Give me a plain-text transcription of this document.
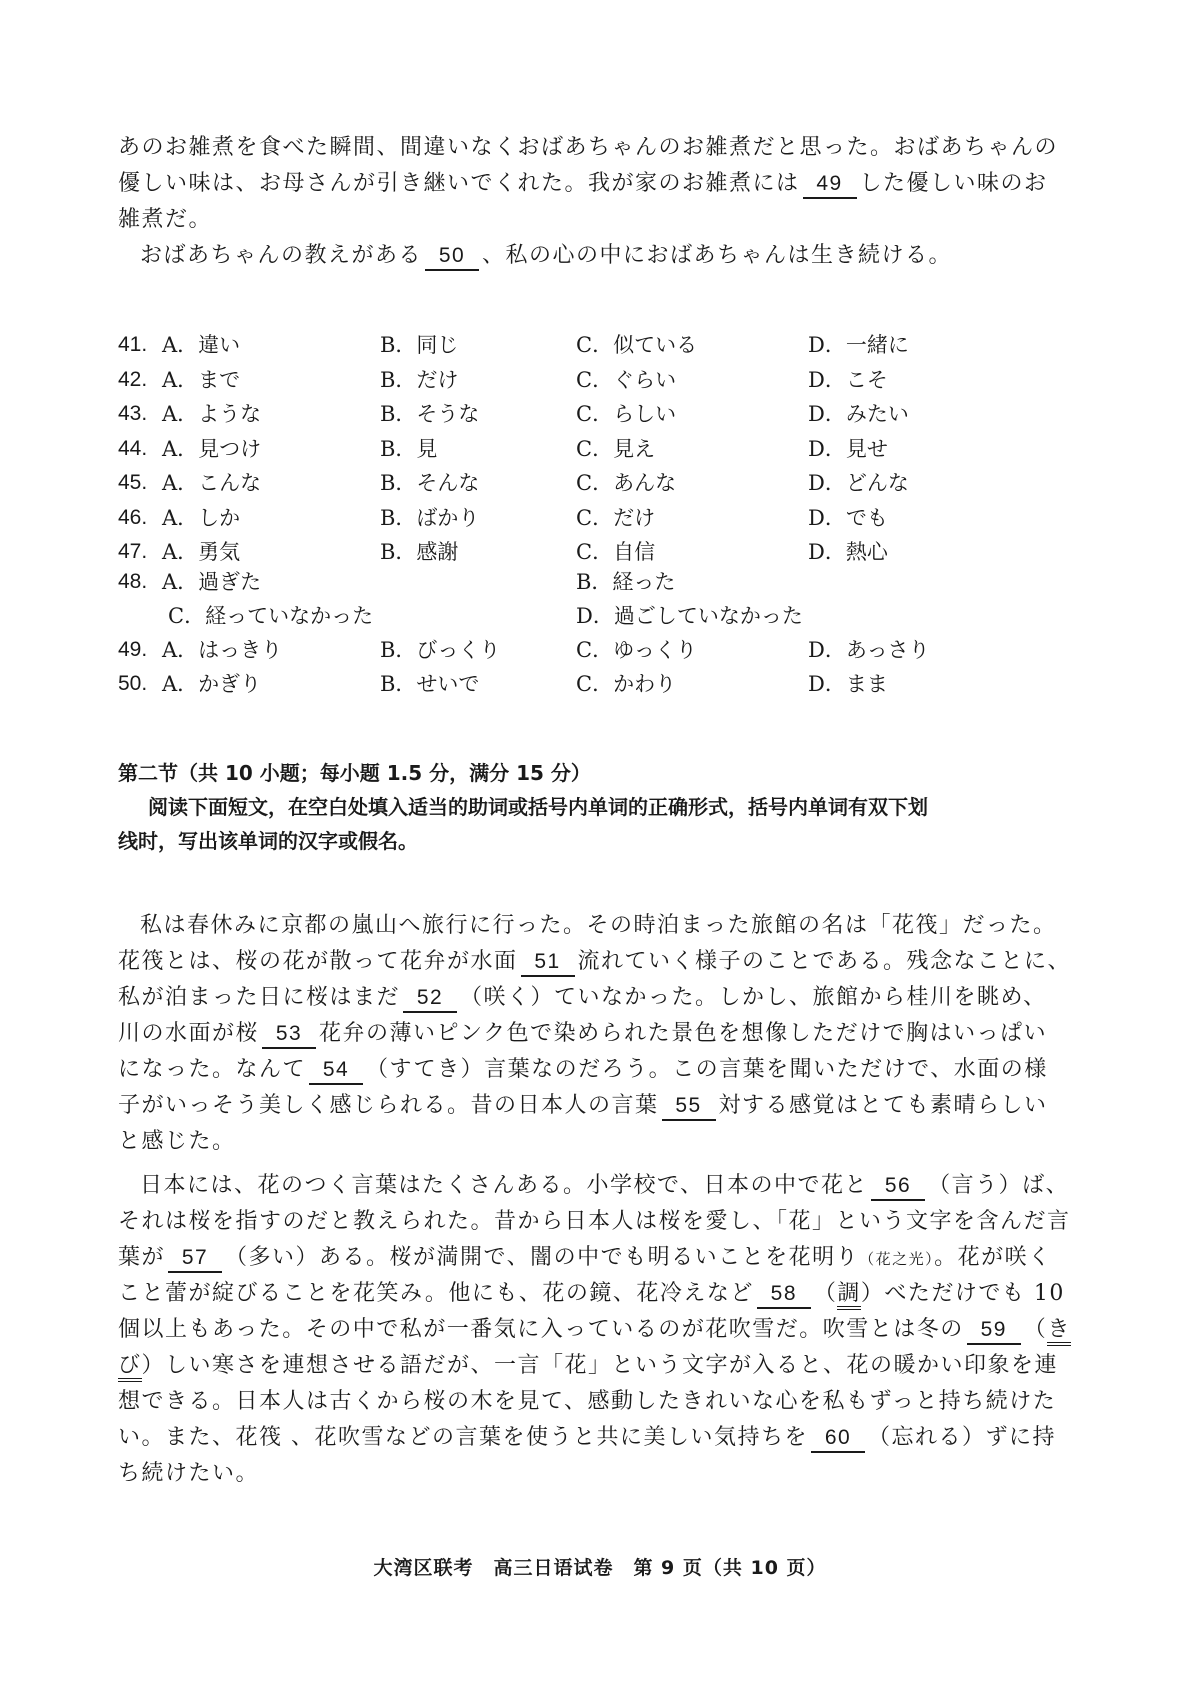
あのお雑煮を食べた瞬間、間違いなくおばあちゃんのお雑煮だと思った。おばあちゃんの

優しい味は、お母さんが引き継いでくれた。我が家のお雑煮には 49 した優しい味のお

雑煮だ。

おばあちゃんの教えがある 50 、私の心の中におばあちゃんは生き続ける。

41. A．違い	B．同じ	C．似ている	D．一緒に
42. A．まで	B．だけ	C．ぐらい	D．こそ
43. A．ような	B．そうな	C．らしい	D．みたい
44. A．見つけ	B．見	C．見え	D．見せ
45. A．こんな	B．そんな	C．あんな	D．どんな
46. A．しか	B．ばかり	C．だけ	D．でも
47. A．勇気	B．感謝	C．自信	D．熱心
48. A．過ぎた	B．経った
C．経っていなかった	D．過ごしていなかった
49. A．はっきり	B．びっくり	C．ゆっくり	D．あっさり
50. A．かぎり	B．せいで	C．かわり	D．まま
第二节（共 10 小题；每小题 1.5 分，满分 15 分）
阅读下面短文，在空白处填入适当的助词或括号内单词的正确形式，括号内单词有双下划
线时，写出该单词的汉字或假名。

私は春休みに京都の嵐山へ旅行に行った。その時泊まった旅館の名は「花筏」だった。

花筏とは、桜の花が散って花弁が水面 51 流れていく様子のことである。残念なことに、

私が泊まった日に桜はまだ 52 （咲く）ていなかった。しかし、旅館から桂川を眺め、

川の水面が桜 53 花弁の薄いピンク色で染められた景色を想像しただけで胸はいっぱい

になった。なんて 54 （すてき）言葉なのだろう。この言葉を聞いただけで、水面の様

子がいっそう美しく感じられる。昔の日本人の言葉 55 対する感覚はとても素晴らしい

と感じた。

日本には、花のつく言葉はたくさんある。小学校で、日本の中で花と 56 （言う）ば、

それは桜を指すのだと教えられた。昔から日本人は桜を愛し、「花」という文字を含んだ言

葉が 57 （多い）ある。桜が満開で、闇の中でも明るいことを花明り（花之光）。花が咲く

こと蕾が綻びることを花笑み。他にも、花の鏡、花冷えなど 58 （調）べただけでも 10

個以上もあった。その中で私が一番気に入っているのが花吹雪だ。吹雪とは冬の 59 （き

び）しい寒さを連想させる語だが、一言「花」という文字が入ると、花の暖かい印象を連

想できる。日本人は古くから桜の木を見て、感動したきれいな心を私もずっと持ち続けた

い。また、花筏 、花吹雪などの言葉を使うと共に美しい気持ちを 60 （忘れる）ずに持

ち続けたい。

大湾区联考　高三日语试卷　第 9 页（共 10 页）
